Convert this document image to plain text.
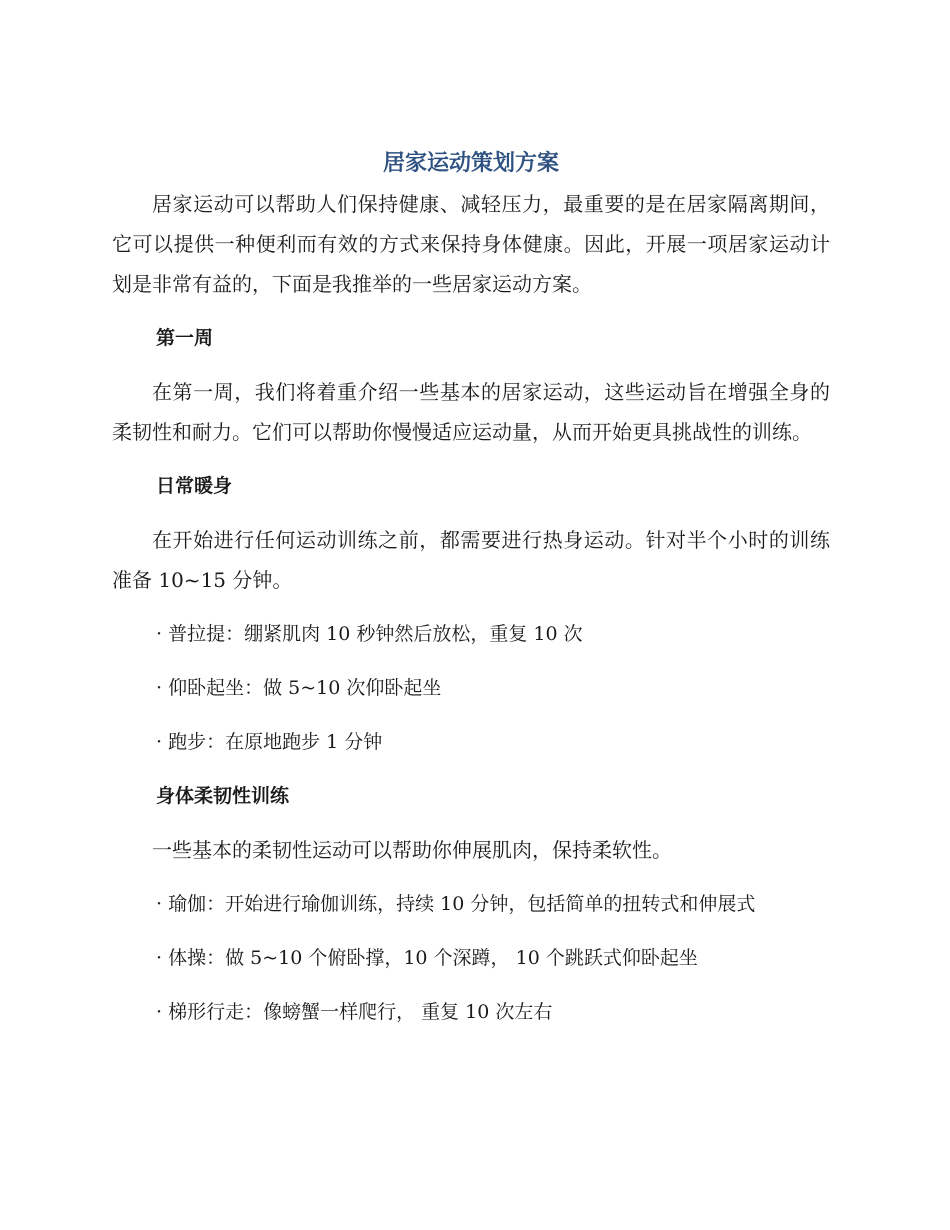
居家运动策划方案

居家运动可以帮助人们保持健康、减轻压力，最重要的是在居家隔离期间，它可以提供一种便利而有效的方式来保持身体健康。因此，开展一项居家运动计划是非常有益的，下面是我推举的一些居家运动方案。

第一周

在第一周，我们将着重介绍一些基本的居家运动，这些运动旨在增强全身的柔韧性和耐力。它们可以帮助你慢慢适应运动量，从而开始更具挑战性的训练。

日常暖身

在开始进行任何运动训练之前，都需要进行热身运动。针对半个小时的训练准备 10~15 分钟。

· 普拉提：绷紧肌肉 10 秒钟然后放松，重复 10 次

· 仰卧起坐：做 5~10 次仰卧起坐

· 跑步：在原地跑步 1 分钟

身体柔韧性训练

一些基本的柔韧性运动可以帮助你伸展肌肉，保持柔软性。

· 瑜伽：开始进行瑜伽训练，持续 10 分钟，包括简单的扭转式和伸展式

· 体操：做 5~10 个俯卧撑，10 个深蹲， 10 个跳跃式仰卧起坐

· 梯形行走：像螃蟹一样爬行， 重复 10 次左右
